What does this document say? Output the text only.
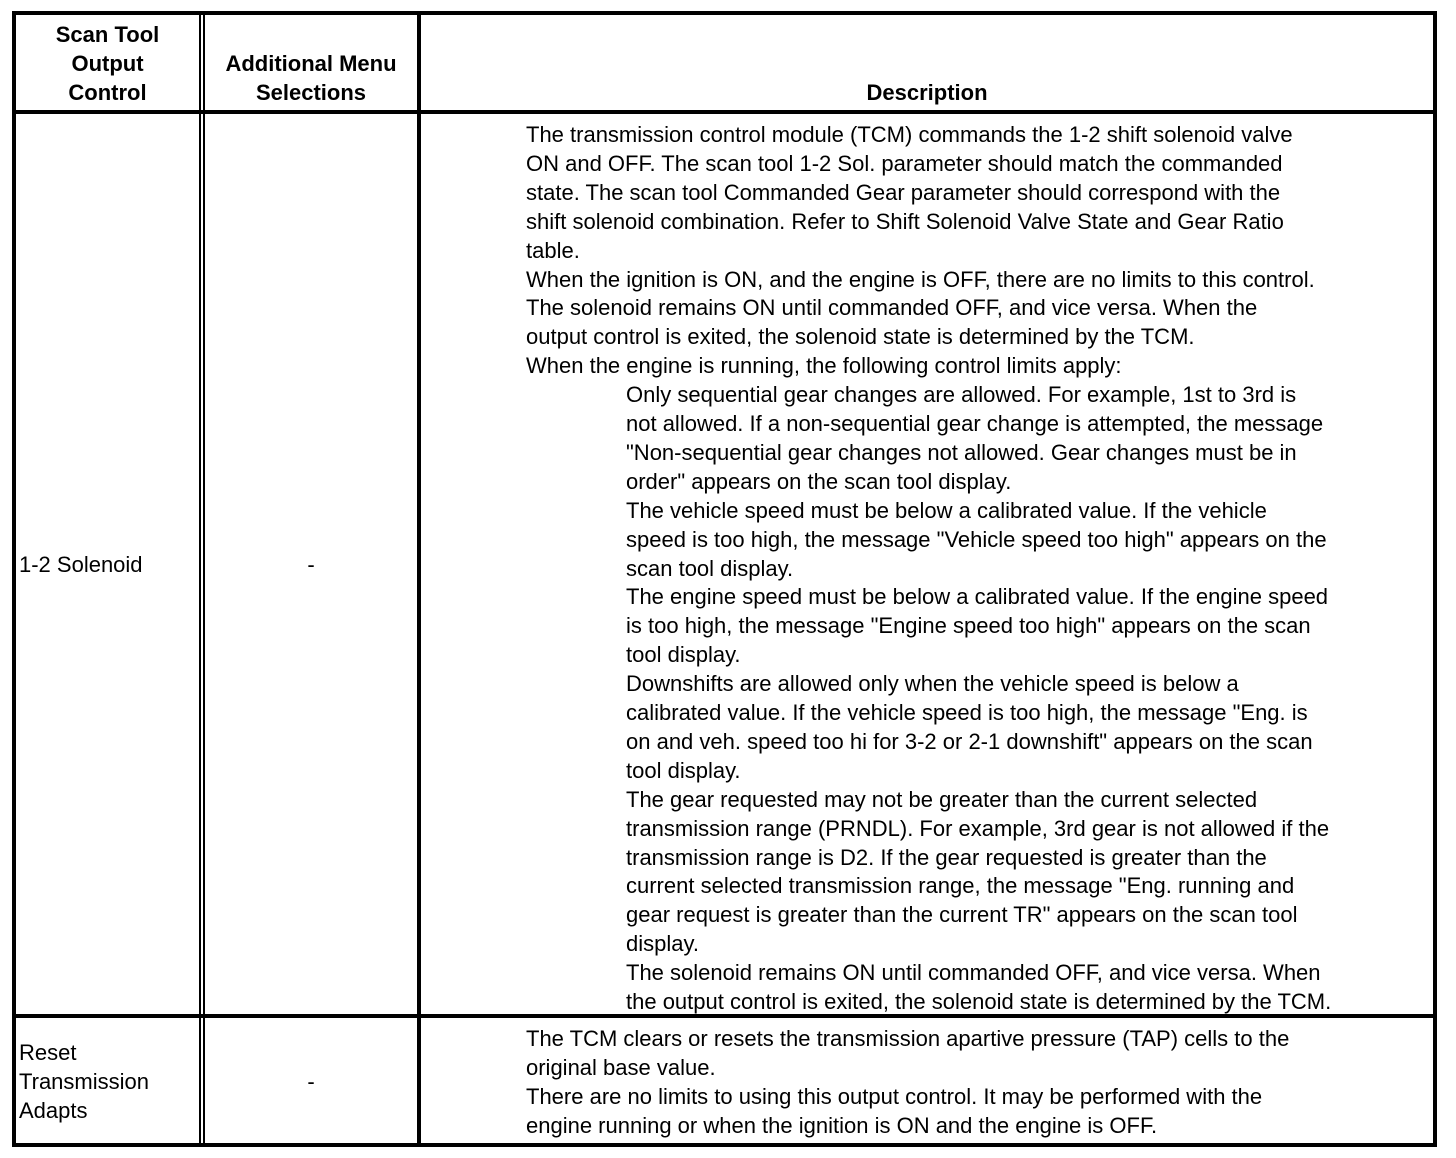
Scan Tool
Output
Control
Additional Menu
Selections	Description
1-2 Solenoid	-
The transmission control module (TCM) commands the 1-2 shift solenoid valve
ON and OFF. The scan tool 1-2 Sol. parameter should match the commanded
state. The scan tool Commanded Gear parameter should correspond with the
shift solenoid combination. Refer to Shift Solenoid Valve State and Gear Ratio
table.
When the ignition is ON, and the engine is OFF, there are no limits to this control.
The solenoid remains ON until commanded OFF, and vice versa. When the
output control is exited, the solenoid state is determined by the TCM.
When the engine is running, the following control limits apply:
Only sequential gear changes are allowed. For example, 1st to 3rd is
not allowed. If a non-sequential gear change is attempted, the message
"Non-sequential gear changes not allowed. Gear changes must be in
order" appears on the scan tool display.
The vehicle speed must be below a calibrated value. If the vehicle
speed is too high, the message "Vehicle speed too high" appears on the
scan tool display.
The engine speed must be below a calibrated value. If the engine speed
is too high, the message "Engine speed too high" appears on the scan
tool display.
Downshifts are allowed only when the vehicle speed is below a
calibrated value. If the vehicle speed is too high, the message "Eng. is
on and veh. speed too hi for 3-2 or 2-1 downshift" appears on the scan
tool display.
The gear requested may not be greater than the current selected
transmission range (PRNDL). For example, 3rd gear is not allowed if the
transmission range is D2. If the gear requested is greater than the
current selected transmission range, the message "Eng. running and
gear request is greater than the current TR" appears on the scan tool
display.
The solenoid remains ON until commanded OFF, and vice versa. When
the output control is exited, the solenoid state is determined by the TCM.
Reset
Transmission
Adapts
-
The TCM clears or resets the transmission apartive pressure (TAP) cells to the
original base value.
There are no limits to using this output control. It may be performed with the
engine running or when the ignition is ON and the engine is OFF.
